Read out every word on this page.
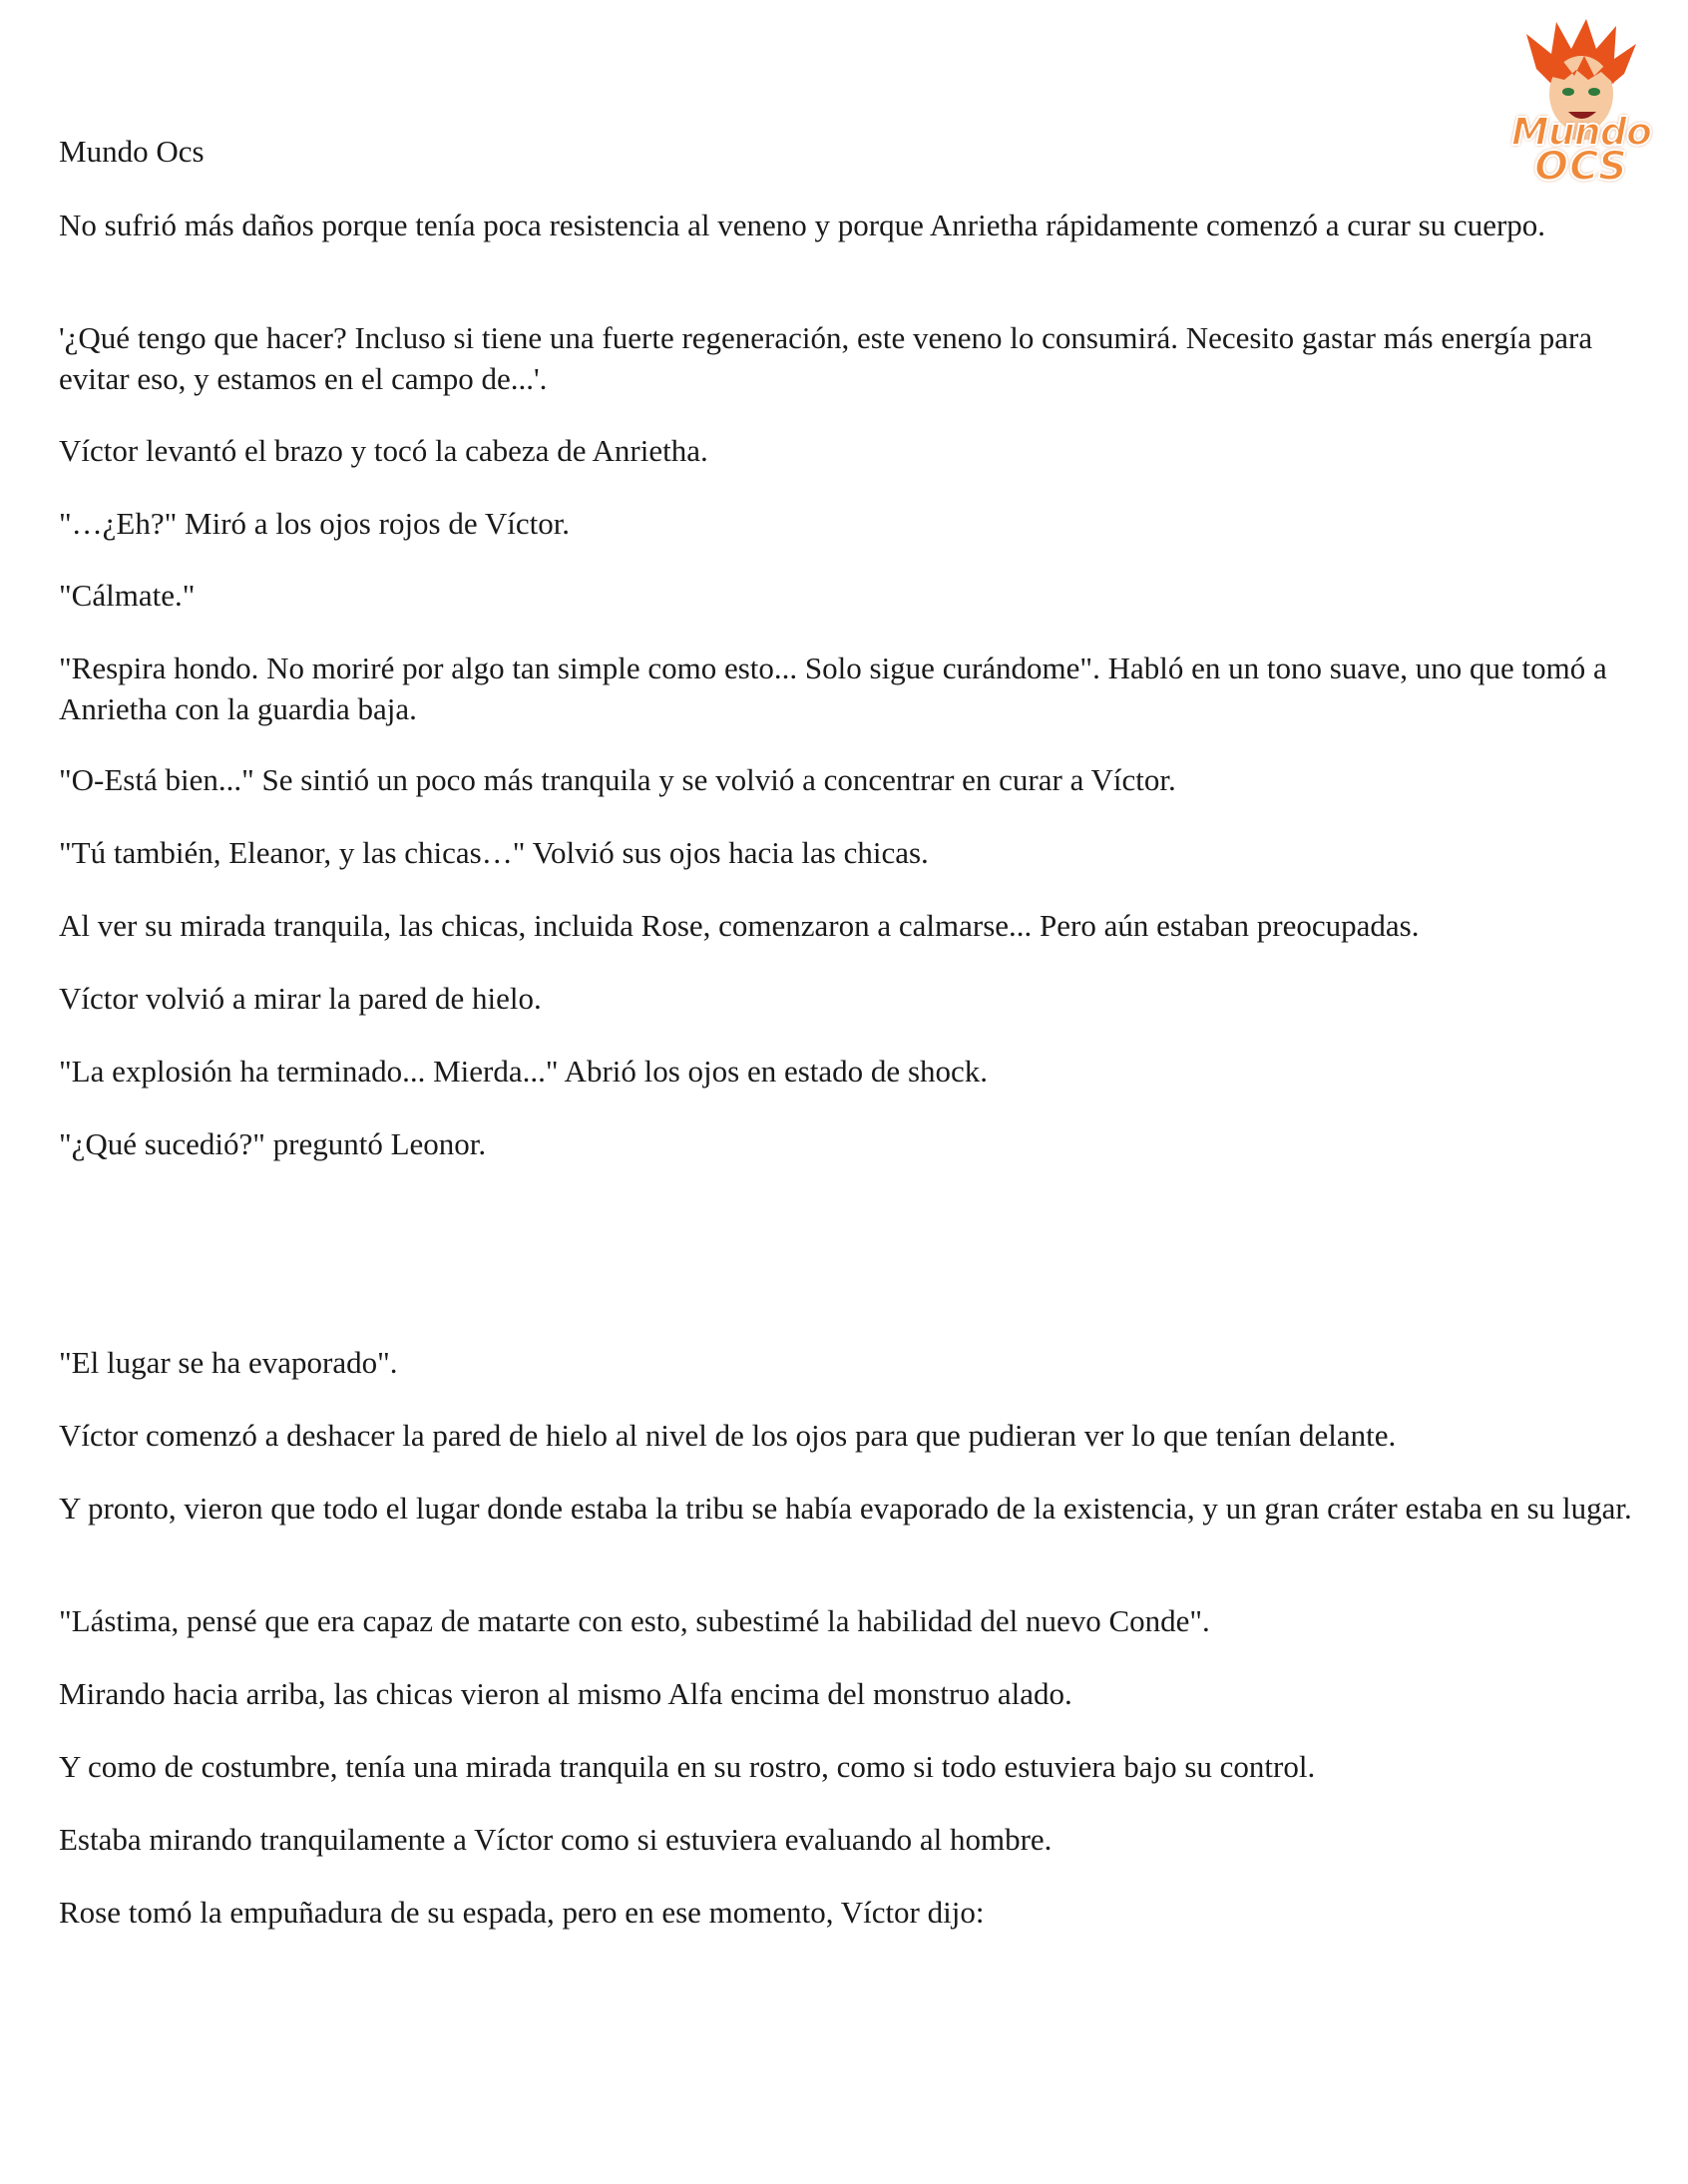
Mundo
OCS
Mundo Ocs

No sufrió más daños porque tenía poca resistencia al veneno y porque Anrietha rápidamente comenzó a curar su cuerpo.

'¿Qué tengo que hacer? Incluso si tiene una fuerte regeneración, este veneno lo consumirá. Necesito gastar más energía para evitar eso, y estamos en el campo de...'.

Víctor levantó el brazo y tocó la cabeza de Anrietha.

"…¿Eh?" Miró a los ojos rojos de Víctor.

"Cálmate."

"Respira hondo. No moriré por algo tan simple como esto... Solo sigue curándome". Habló en un tono suave, uno que tomó a Anrietha con la guardia baja.

"O-Está bien..." Se sintió un poco más tranquila y se volvió a concentrar en curar a Víctor.

"Tú también, Eleanor, y las chicas…" Volvió sus ojos hacia las chicas.

Al ver su mirada tranquila, las chicas, incluida Rose, comenzaron a calmarse... Pero aún estaban preocupadas.

Víctor volvió a mirar la pared de hielo.

"La explosión ha terminado... Mierda..." Abrió los ojos en estado de shock.

"¿Qué sucedió?" preguntó Leonor.

"El lugar se ha evaporado".

Víctor comenzó a deshacer la pared de hielo al nivel de los ojos para que pudieran ver lo que tenían delante.

Y pronto, vieron que todo el lugar donde estaba la tribu se había evaporado de la existencia, y un gran cráter estaba en su lugar.

"Lástima, pensé que era capaz de matarte con esto, subestimé la habilidad del nuevo Conde".

Mirando hacia arriba, las chicas vieron al mismo Alfa encima del monstruo alado.

Y como de costumbre, tenía una mirada tranquila en su rostro, como si todo estuviera bajo su control.

Estaba mirando tranquilamente a Víctor como si estuviera evaluando al hombre.

Rose tomó la empuñadura de su espada, pero en ese momento, Víctor dijo:
